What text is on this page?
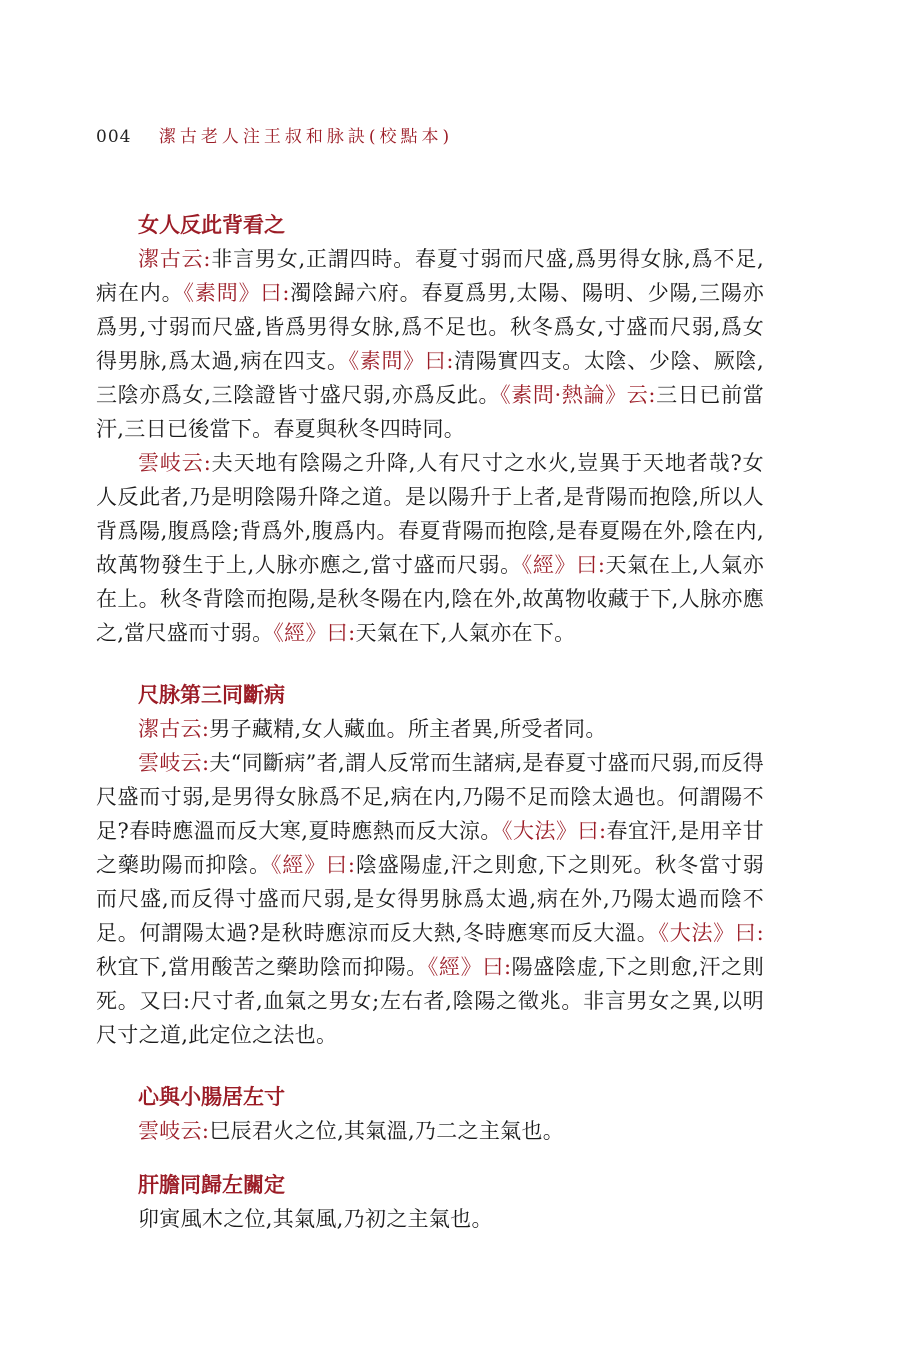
004 潔古老人注王叔和脉訣(校點本)
女人反此背看之

潔古云:非言男女,正謂四時。春夏寸弱而尺盛,爲男得女脉,爲不足,病在内。《素問》曰:濁陰歸六府。春夏爲男,太陽、陽明、少陽,三陽亦爲男,寸弱而尺盛,皆爲男得女脉,爲不足也。秋冬爲女,寸盛而尺弱,爲女得男脉,爲太過,病在四支。《素問》曰:清陽實四支。太陰、少陰、厥陰,三陰亦爲女,三陰證皆寸盛尺弱,亦爲反此。《素問·熱論》云:三日已前當汗,三日已後當下。春夏與秋冬四時同。

雲岐云:夫天地有陰陽之升降,人有尺寸之水火,豈異于天地者哉?女人反此者,乃是明陰陽升降之道。是以陽升于上者,是背陽而抱陰,所以人背爲陽,腹爲陰;背爲外,腹爲内。春夏背陽而抱陰,是春夏陽在外,陰在内,故萬物發生于上,人脉亦應之,當寸盛而尺弱。《經》曰:天氣在上,人氣亦在上。秋冬背陰而抱陽,是秋冬陽在内,陰在外,故萬物收藏于下,人脉亦應之,當尺盛而寸弱。《經》曰:天氣在下,人氣亦在下。

尺脉第三同斷病

潔古云:男子藏精,女人藏血。所主者異,所受者同。

雲岐云:夫“同斷病”者,謂人反常而生諸病,是春夏寸盛而尺弱,而反得尺盛而寸弱,是男得女脉爲不足,病在内,乃陽不足而陰太過也。何謂陽不足?春時應溫而反大寒,夏時應熱而反大涼。《大法》曰:春宜汗,是用辛甘之藥助陽而抑陰。《經》曰:陰盛陽虚,汗之則愈,下之則死。秋冬當寸弱而尺盛,而反得寸盛而尺弱,是女得男脉爲太過,病在外,乃陽太過而陰不足。何謂陽太過?是秋時應涼而反大熱,冬時應寒而反大溫。《大法》曰:秋宜下,當用酸苦之藥助陰而抑陽。《經》曰:陽盛陰虚,下之則愈,汗之則死。又曰:尺寸者,血氣之男女;左右者,陰陽之徵兆。非言男女之異,以明尺寸之道,此定位之法也。

心與小腸居左寸

雲岐云:巳辰君火之位,其氣溫,乃二之主氣也。

肝膽同歸左關定

卯寅風木之位,其氣風,乃初之主氣也。
